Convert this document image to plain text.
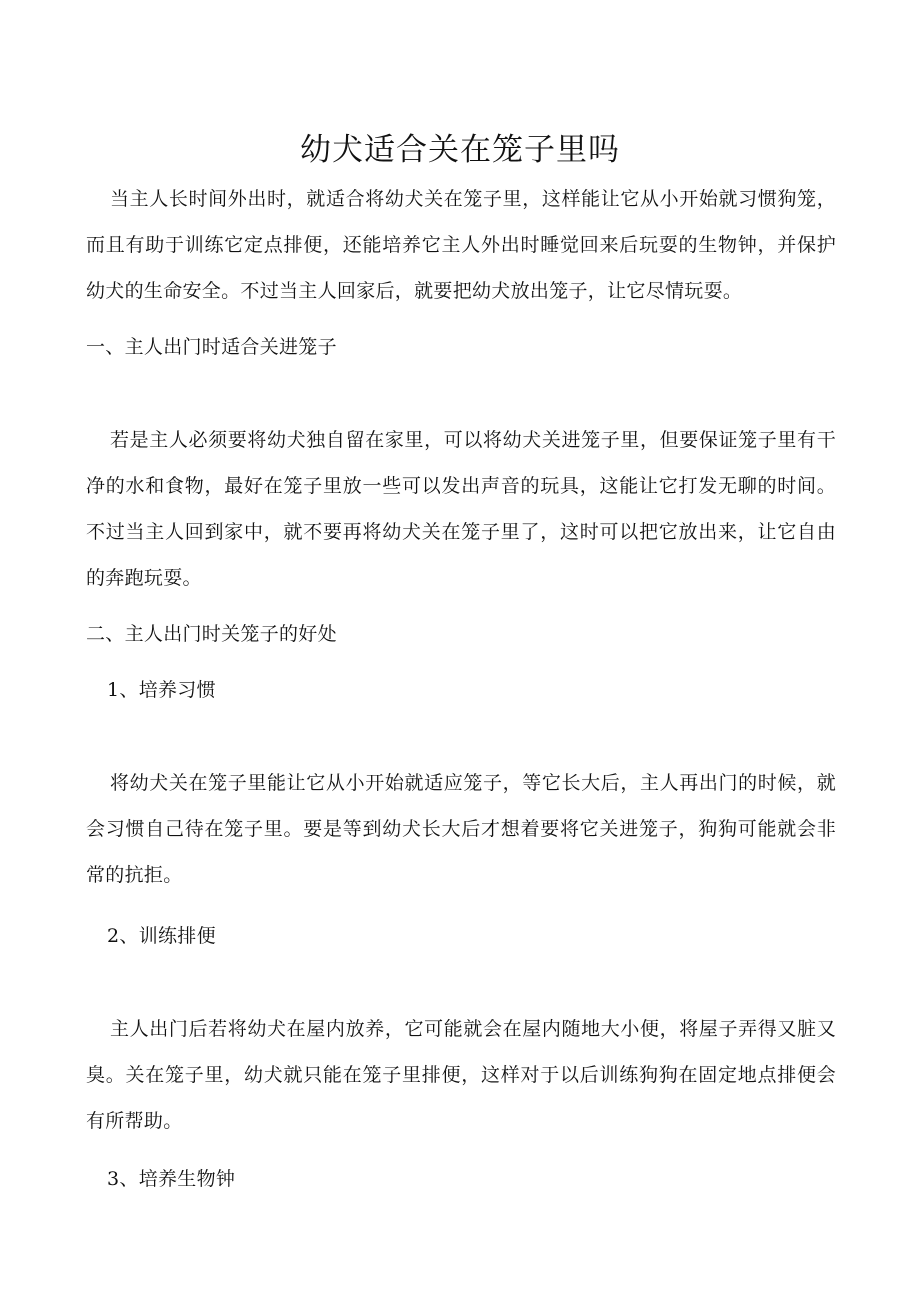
幼犬适合关在笼子里吗

当主人长时间外出时，就适合将幼犬关在笼子里，这样能让它从小开始就习惯狗笼，而且有助于训练它定点排便，还能培养它主人外出时睡觉回来后玩耍的生物钟，并保护幼犬的生命安全。不过当主人回家后，就要把幼犬放出笼子，让它尽情玩耍。

一、主人出门时适合关进笼子

若是主人必须要将幼犬独自留在家里，可以将幼犬关进笼子里，但要保证笼子里有干净的水和食物，最好在笼子里放一些可以发出声音的玩具，这能让它打发无聊的时间。不过当主人回到家中，就不要再将幼犬关在笼子里了，这时可以把它放出来，让它自由的奔跑玩耍。

二、主人出门时关笼子的好处
1、培养习惯

将幼犬关在笼子里能让它从小开始就适应笼子，等它长大后，主人再出门的时候，就会习惯自己待在笼子里。要是等到幼犬长大后才想着要将它关进笼子，狗狗可能就会非常的抗拒。

2、训练排便

主人出门后若将幼犬在屋内放养，它可能就会在屋内随地大小便，将屋子弄得又脏又臭。关在笼子里，幼犬就只能在笼子里排便，这样对于以后训练狗狗在固定地点排便会有所帮助。

3、培养生物钟
